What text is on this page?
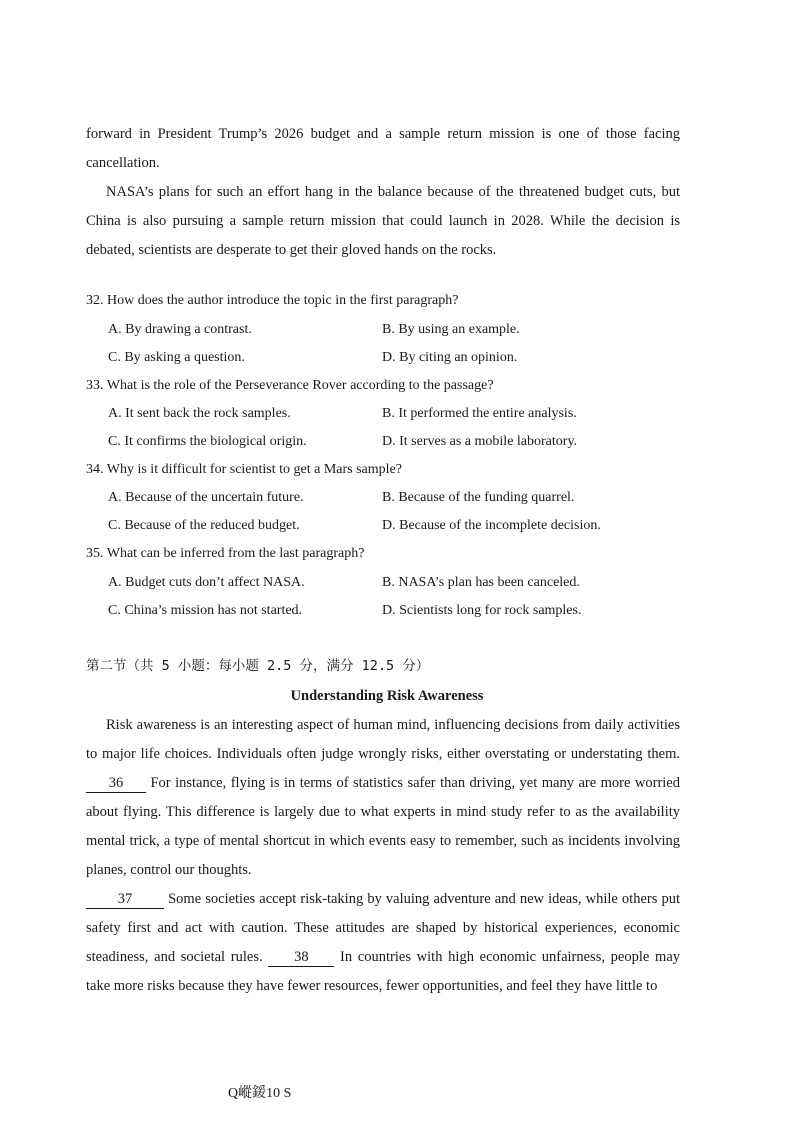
forward in President Trump’s 2026 budget and a sample return mission is one of those facing cancellation.
NASA’s plans for such an effort hang in the balance because of the threatened budget cuts, but China is also pursuing a sample return mission that could launch in 2028. While the decision is debated, scientists are desperate to get their gloved hands on the rocks.
32. How does the author introduce the topic in the first paragraph?
A. By drawing a contrast.	B. By using an example.
C. By asking a question.	D. By citing an opinion.
33. What is the role of the Perseverance Rover according to the passage?
A. It sent back the rock samples.	B. It performed the entire analysis.
C. It confirms the biological origin.	D. It serves as a mobile laboratory.
34. Why is it difficult for scientist to get a Mars sample?
A. Because of the uncertain future.	B. Because of the funding quarrel.
C. Because of the reduced budget.	D. Because of the incomplete decision.
35. What can be inferred from the last paragraph?
A. Budget cuts don’t affect NASA.	B. NASA’s plan has been canceled.
C. China’s mission has not started.	D. Scientists long for rock samples.
第二节（共 5 小题：每小题 2.5 分，满分 12.5 分）
Understanding Risk Awareness
Risk awareness is an interesting aspect of human mind, influencing decisions from daily activities to major life choices. Individuals often judge wrongly risks, either overstating or understating them. 36 For instance, flying is in terms of statistics safer than driving, yet many are more worried about flying. This difference is largely due to what experts in mind study refer to as the availability mental trick, a type of mental shortcut in which events easy to remember, such as incidents involving planes, control our thoughts.
37 Some societies accept risk-taking by valuing adventure and new ideas, while others put safety first and act with caution. These attitudes are shaped by historical experiences, economic steadiness, and societal rules. 38 In countries with high economic unfairness, people may take more risks because they have fewer resources, fewer opportunities, and feel they have little to
Q嵷鍰10 S
